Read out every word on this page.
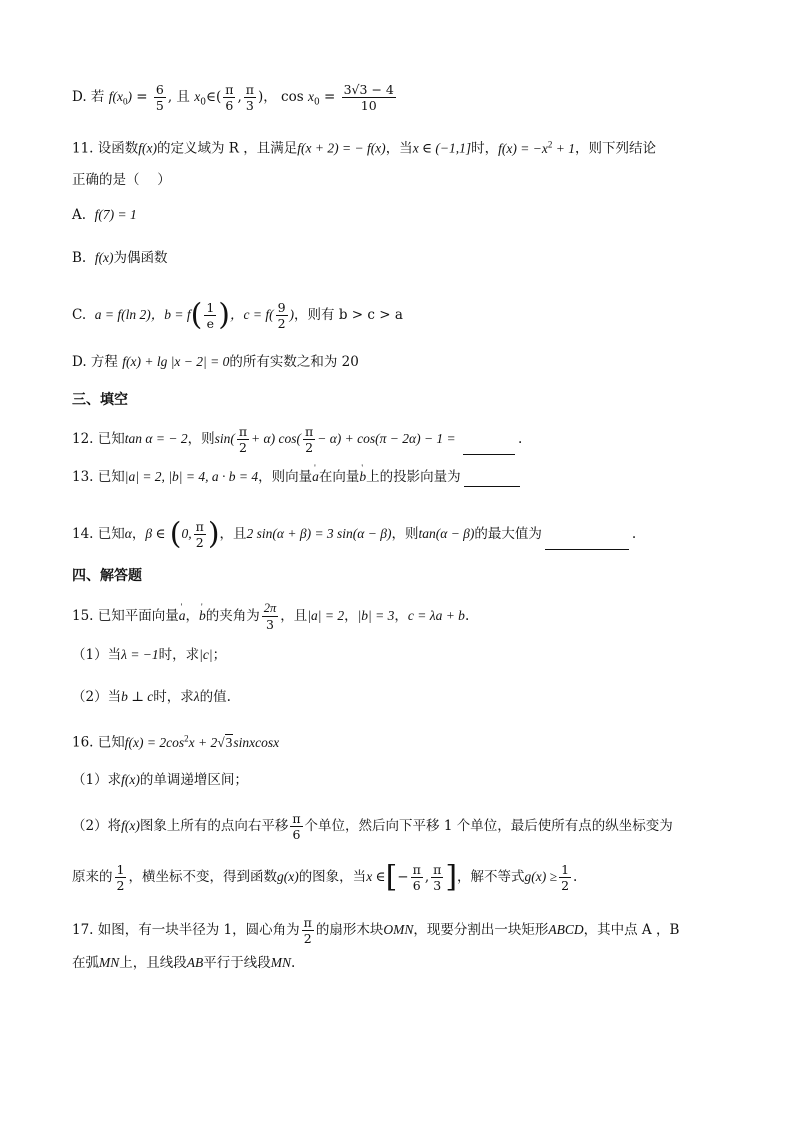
D. 若 $f(x_0) = \frac{6}{5}$ , 且 $x_0\in( \frac{\pi}{6}$ , $\frac{\pi}{3}$ )， $\cos x_0 = \frac{3√3 - 4}{10}$
11. 设函数f(x)的定义域为 R ，且满足f(x + 2) = − f(x)，当x ∈ (−1,1]时，$f(x) = -x^2 + 1$，则下列结论
正确的是（　 ）
A. f(7) = 1
B. f(x)为偶函数
C. a = f(ln 2)，$b = f( \frac{1}{e}$ )，$c = f( \frac{9}{2}$ )，则有 b > c > a
D. 方程 f(x) + lg |x − 2| = 0的所有实数之和为 20
三、填空
12. 已知tan α = − 2，则$\sin( \frac{\pi}{2} + \alpha)$ $\cos( \frac{\pi}{2} - \alpha) + \cos(\pi - 2\alpha) - 1$ =	.
13. 已知|a| = 2, |b| = 4, a · b = 4，则向量' a在向量' b上的投影向量为
14. 已知α，β ∈ (0, $\frac{\pi}{2}$ )，且2 sin(α + β) = 3 sin(α − β)，则tan(α − β)的最大值为	.
四、解答题
15. 已知平面向量' a，' b的夹角为 $\frac{2\pi}{3}$ ，且|a| = 2，|b| = 3，c = λa + b.
（1）当λ = −1时，求|c|；
（2）当b ⊥ c时，求λ的值.
16. 已知$f(x) = 2\cos^2x$ + 2√3sinxcosx
（1）求f(x)的单调递增区间；
（2）将f(x)图象上所有的点向右平移 $\frac{\pi}{6}$ 个单位，然后向下平移 1 个单位，最后使所有点的纵坐标变为
原来的 $\frac{1}{2}$ ，横坐标不变，得到函数g(x)的图象，当x ∈[− $\frac{\pi}{6}$ , $\frac{\pi}{3}$ ]，解不等式$g(x) \ge \frac{1}{2}$ .
17. 如图，有一块半径为 1，圆心角为 $\frac{\pi}{2}$ 的扇形木块OMN，现要分割出一块矩形ABCD，其中点 A ，B
在弧MN上，且线段AB平行于线段MN.
